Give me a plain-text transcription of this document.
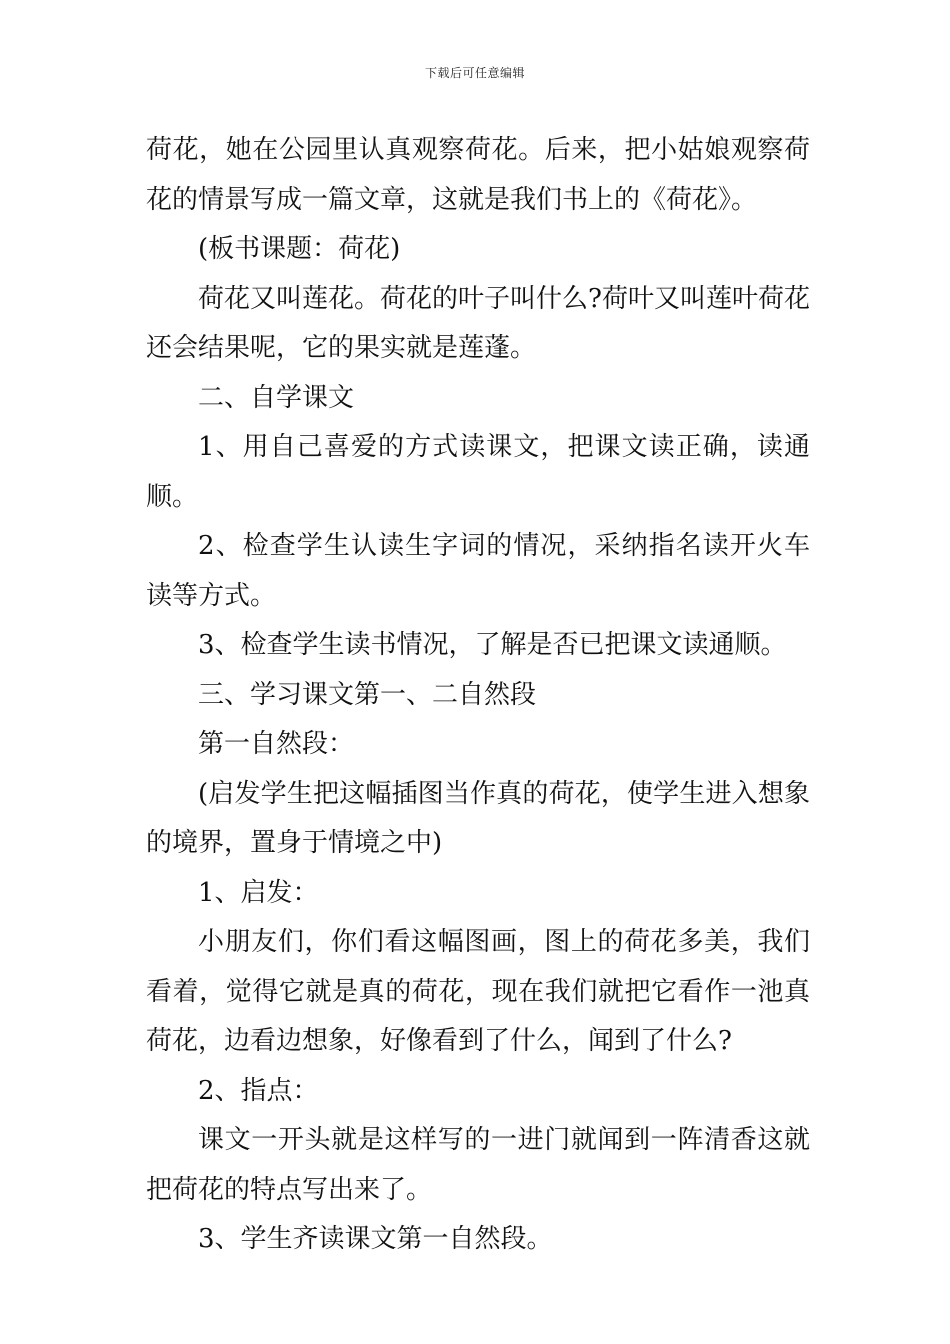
下载后可任意编辑

荷花，她在公园里认真观察荷花。后来，把小姑娘观察荷花的情景写成一篇文章，这就是我们书上的《荷花》。

(板书课题：荷花)

荷花又叫莲花。荷花的叶子叫什么?荷叶又叫莲叶荷花还会结果呢，它的果实就是莲蓬。

二、自学课文

1、用自己喜爱的方式读课文，把课文读正确，读通顺。

2、检查学生认读生字词的情况，采纳指名读开火车读等方式。

3、检查学生读书情况，了解是否已把课文读通顺。

三、学习课文第一、二自然段

第一自然段：

(启发学生把这幅插图当作真的荷花，使学生进入想象的境界，置身于情境之中)

1、启发：

小朋友们，你们看这幅图画，图上的荷花多美，我们看着，觉得它就是真的荷花，现在我们就把它看作一池真荷花，边看边想象，好像看到了什么，闻到了什么?

2、指点：

课文一开头就是这样写的一进门就闻到一阵清香这就把荷花的特点写出来了。

3、学生齐读课文第一自然段。
